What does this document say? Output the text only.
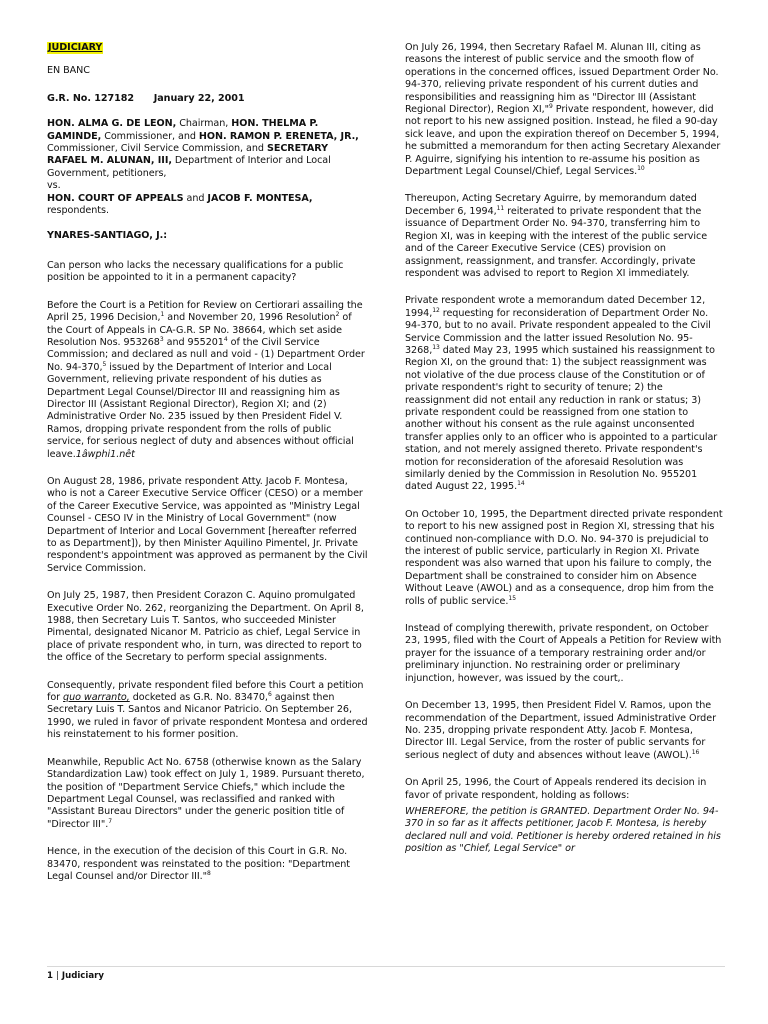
JUDICIARY

EN BANC

G.R. No. 127182 January 22, 2001

HON. ALMA G. DE LEON, Chairman, HON. THELMA P. GAMINDE, Commissioner, and HON. RAMON P. ERENETA, JR., Commissioner, Civil Service Commission, and SECRETARY RAFAEL M. ALUNAN, III, Department of Interior and Local Government, petitioners,
vs.
HON. COURT OF APPEALS and JACOB F. MONTESA, respondents.

YNARES-SANTIAGO, J.:

Can person who lacks the necessary qualifications for a public position be appointed to it in a permanent capacity?

Before the Court is a Petition for Review on Certiorari assailing the April 25, 1996 Decision,$^1$ and November 20, 1996 Resolution$^2$ of the Court of Appeals in CA-G.R. SP No. 38664, which set aside Resolution Nos. 953268$^3$ and 955201$^4$ of the Civil Service Commission; and declared as null and void - (1) Department Order No. 94-370,$^5$ issued by the Department of Interior and Local Government, relieving private respondent of his duties as Department Legal Counsel/Director III and reassigning him as Director III (Assistant Regional Director), Region XI; and (2) Administrative Order No. 235 issued by then President Fidel V. Ramos, dropping private respondent from the rolls of public service, for serious neglect of duty and absences without official leave.1âwphi1.nêt

On August 28, 1986, private respondent Atty. Jacob F. Montesa, who is not a Career Executive Service Officer (CESO) or a member of the Career Executive Service, was appointed as "Ministry Legal Counsel - CESO IV in the Ministry of Local Government" (now Department of Interior and Local Government [hereafter referred to as Department]), by then Minister Aquilino Pimentel, Jr. Private respondent's appointment was approved as permanent by the Civil Service Commission.

On July 25, 1987, then President Corazon C. Aquino promulgated Executive Order No. 262, reorganizing the Department. On April 8, 1988, then Secretary Luis T. Santos, who succeeded Minister Pimental, designated Nicanor M. Patricio as chief, Legal Service in place of private respondent who, in turn, was directed to report to the office of the Secretary to perform special assignments.

Consequently, private respondent filed before this Court a petition for quo warranto, docketed as G.R. No. 83470,$^6$ against then Secretary Luis T. Santos and Nicanor Patricio. On September 26, 1990, we ruled in favor of private respondent Montesa and ordered his reinstatement to his former position.

Meanwhile, Republic Act No. 6758 (otherwise known as the Salary Standardization Law) took effect on July 1, 1989. Pursuant thereto, the position of "Department Service Chiefs," which include the Department Legal Counsel, was reclassified and ranked with "Assistant Bureau Directors" under the generic position title of "Director III".$^7$

Hence, in the execution of the decision of this Court in G.R. No. 83470, respondent was reinstated to the position: "Department Legal Counsel and/or Director III."$^8$

On July 26, 1994, then Secretary Rafael M. Alunan III, citing as reasons the interest of public service and the smooth flow of operations in the concerned offices, issued Department Order No. 94-370, relieving private respondent of his current duties and responsibilities and reassigning him as "Director III (Assistant Regional Director), Region XI,"$^9$ Private respondent, however, did not report to his new assigned position. Instead, he filed a 90-day sick leave, and upon the expiration thereof on December 5, 1994, he submitted a memorandum for then acting Secretary Alexander P. Aguirre, signifying his intention to re-assume his position as Department Legal Counsel/Chief, Legal Services.$^{10}$

Thereupon, Acting Secretary Aguirre, by memorandum dated December 6, 1994,11 reiterated to private respondent that the issuance of Department Order No. 94-370, transferring him to Region XI, was in keeping with the interest of the public service and of the Career Executive Service (CES) provision on assignment, reassignment, and transfer. Accordingly, private respondent was advised to report to Region XI immediately.

Private respondent wrote a memorandum dated December 12, 1994,12 requesting for reconsideration of Department Order No. 94-370, but to no avail. Private respondent appealed to the Civil Service Commission and the latter issued Resolution No. 95-3268,13 dated May 23, 1995 which sustained his reassignment to Region XI, on the ground that: 1) the subject reassignment was not violative of the due process clause of the Constitution or of private respondent's right to security of tenure; 2) the reassignment did not entail any reduction in rank or status; 3) private respondent could be reassigned from one station to another without his consent as the rule against unconsented transfer applies only to an officer who is appointed to a particular station, and not merely assigned thereto. Private respondent's motion for reconsideration of the aforesaid Resolution was similarly denied by the Commission in Resolution No. 955201 dated August 22, 1995.14

On October 10, 1995, the Department directed private respondent to report to his new assigned post in Region XI, stressing that his continued non-compliance with D.O. No. 94-370 is prejudicial to the interest of public service, particularly in Region XI. Private respondent was also warned that upon his failure to comply, the Department shall be constrained to consider him on Absence Without Leave (AWOL) and as a consequence, drop him from the rolls of public service.$^{15}$

Instead of complying therewith, private respondent, on October 23, 1995, filed with the Court of Appeals a Petition for Review with prayer for the issuance of a temporary restraining order and/or preliminary injunction. No restraining order or preliminary injunction, however, was issued by the court,.

On December 13, 1995, then President Fidel V. Ramos, upon the recommendation of the Department, issued Administrative Order No. 235, dropping private respondent Atty. Jacob F. Montesa, Director III. Legal Service, from the roster of public servants for serious neglect of duty and absences without leave (AWOL).$^{16}$

On April 25, 1996, the Court of Appeals rendered its decision in favor of private respondent, holding as follows:

WHEREFORE, the petition is GRANTED. Department Order No. 94-370 in so far as it affects petitioner, Jacob F. Montesa, is hereby declared null and void. Petitioner is hereby ordered retained in his position as "Chief, Legal Service" or

1 | Judiciary
